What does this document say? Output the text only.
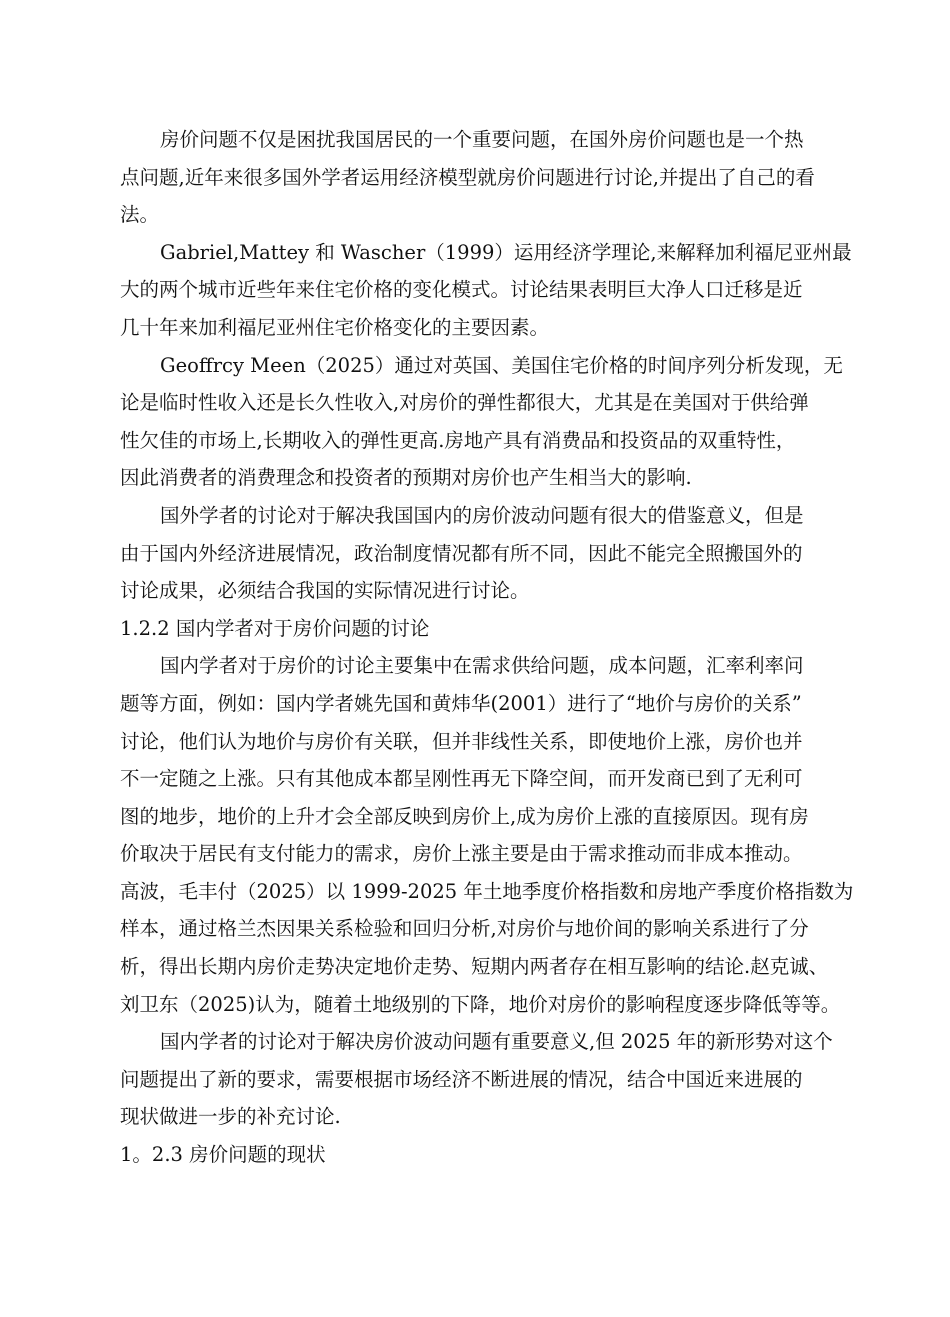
房价问题不仅是困扰我国居民的一个重要问题，在国外房价问题也是一个热
点问题,近年来很多国外学者运用经济模型就房价问题进行讨论,并提出了自己的看
法。
Gabriel,Mattey 和 Wascher（1999）运用经济学理论,来解释加利福尼亚州最
大的两个城市近些年来住宅价格的变化模式。讨论结果表明巨大净人口迁移是近
几十年来加利福尼亚州住宅价格变化的主要因素。
Geoffrcy Meen（2025）通过对英国、美国住宅价格的时间序列分析发现，无
论是临时性收入还是长久性收入,对房价的弹性都很大，尤其是在美国对于供给弹
性欠佳的市场上,长期收入的弹性更高.房地产具有消费品和投资品的双重特性，
因此消费者的消费理念和投资者的预期对房价也产生相当大的影响.
国外学者的讨论对于解决我国国内的房价波动问题有很大的借鉴意义，但是
由于国内外经济进展情况，政治制度情况都有所不同，因此不能完全照搬国外的
讨论成果，必须结合我国的实际情况进行讨论。
1.2.2 国内学者对于房价问题的讨论
国内学者对于房价的讨论主要集中在需求供给问题，成本问题，汇率利率问
题等方面，例如：国内学者姚先国和黄炜华(2001）进行了“地价与房价的关系”
讨论，他们认为地价与房价有关联，但并非线性关系，即使地价上涨，房价也并
不一定随之上涨。只有其他成本都呈刚性再无下降空间，而开发商已到了无利可
图的地步，地价的上升才会全部反映到房价上,成为房价上涨的直接原因。现有房
价取决于居民有支付能力的需求，房价上涨主要是由于需求推动而非成本推动。
高波，毛丰付（2025）以 1999-2025 年土地季度价格指数和房地产季度价格指数为
样本，通过格兰杰因果关系检验和回归分析,对房价与地价间的影响关系进行了分
析，得出长期内房价走势决定地价走势、短期内两者存在相互影响的结论.赵克诚、
刘卫东（2025)认为，随着土地级别的下降，地价对房价的影响程度逐步降低等等。
国内学者的讨论对于解决房价波动问题有重要意义,但 2025 年的新形势对这个
问题提出了新的要求，需要根据市场经济不断进展的情况，结合中国近来进展的
现状做进一步的补充讨论.
1。2.3 房价问题的现状
